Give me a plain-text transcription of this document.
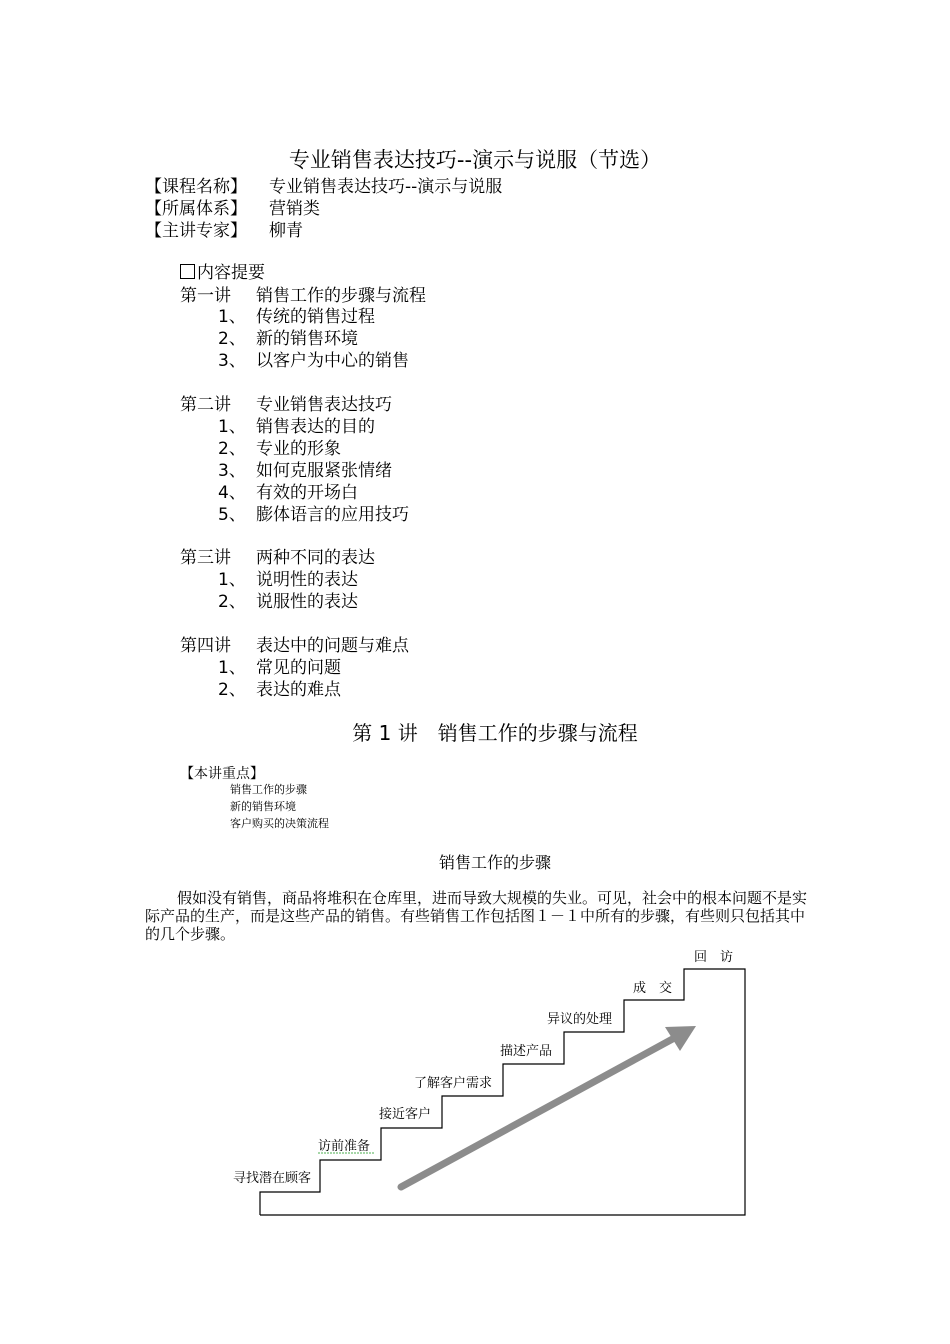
专业销售表达技巧--演示与说服（节选）
【课程名称】 专业销售表达技巧--演示与说服
【所属体系】 营销类
【主讲专家】 柳青
内容提要
第一讲 销售工作的步骤与流程
1、 传统的销售过程
2、 新的销售环境
3、 以客户为中心的销售
第二讲 专业销售表达技巧
1、 销售表达的目的
2、 专业的形象
3、 如何克服紧张情绪
4、 有效的开场白
5、 膨体语言的应用技巧
第三讲 两种不同的表达
1、 说明性的表达
2、 说服性的表达
第四讲 表达中的问题与难点
1、 常见的问题
2、 表达的难点
第 1 讲　销售工作的步骤与流程
【本讲重点】
销售工作的步骤
新的销售环境
客户购买的决策流程
销售工作的步骤
假如没有销售，商品将堆积在仓库里，进而导致大规模的失业。可见，社会中的根本问题不是实际产品的生产，而是这些产品的销售。有些销售工作包括图１－１中所有的步骤，有些则只包括其中的几个步骤。
寻找潜在顾客
访前准备
接近客户
了解客户需求
描述产品
异议的处理
成　交
回　访
